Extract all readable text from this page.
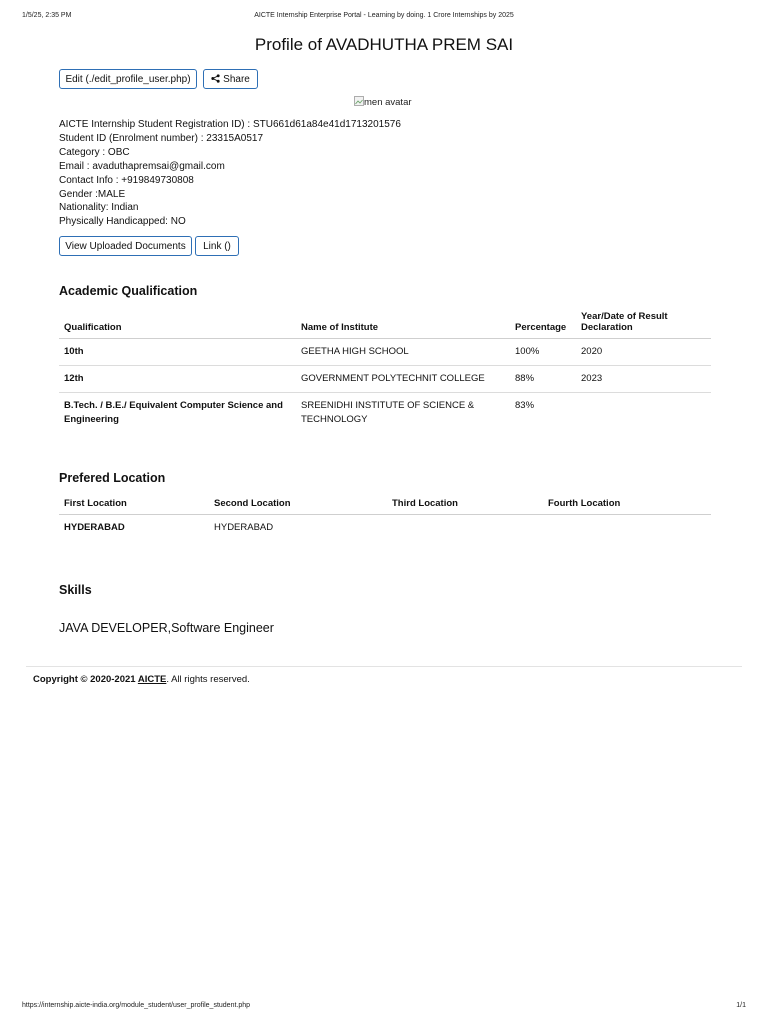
1/5/25, 2:35 PM	AICTE Internship Enterprise Portal - Learning by doing. 1 Crore Internships by 2025
Profile of AVADHUTHA PREM SAI
Edit (./edit_profile_user.php)	Share
men avatar
AICTE Internship Student Registration ID) : STU661d61a84e41d1713201576
Student ID (Enrolment number) : 23315A0517
Category : OBC
Email : avaduthapremsai@gmail.com
Contact Info : +919849730808
Gender :MALE
Nationality: Indian
Physically Handicapped: NO
View Uploaded Documents	Link ()
Academic Qualification
Qualification	Name of Institute	Percentage	Year/Date of Result Declaration
10th	GEETHA HIGH SCHOOL	100%	2020
12th	GOVERNMENT POLYTECHNIT COLLEGE	88%	2023
B.Tech. / B.E./ Equivalent Computer Science and Engineering	SREENIDHI INSTITUTE OF SCIENCE & TECHNOLOGY	83%	
Prefered Location
First Location	Second Location	Third Location	Fourth Location
HYDERABAD	HYDERABAD		
Skills
JAVA DEVELOPER,Software Engineer
Copyright © 2020-2021 AICTE. All rights reserved.
https://internship.aicte-india.org/module_student/user_profile_student.php	1/1
